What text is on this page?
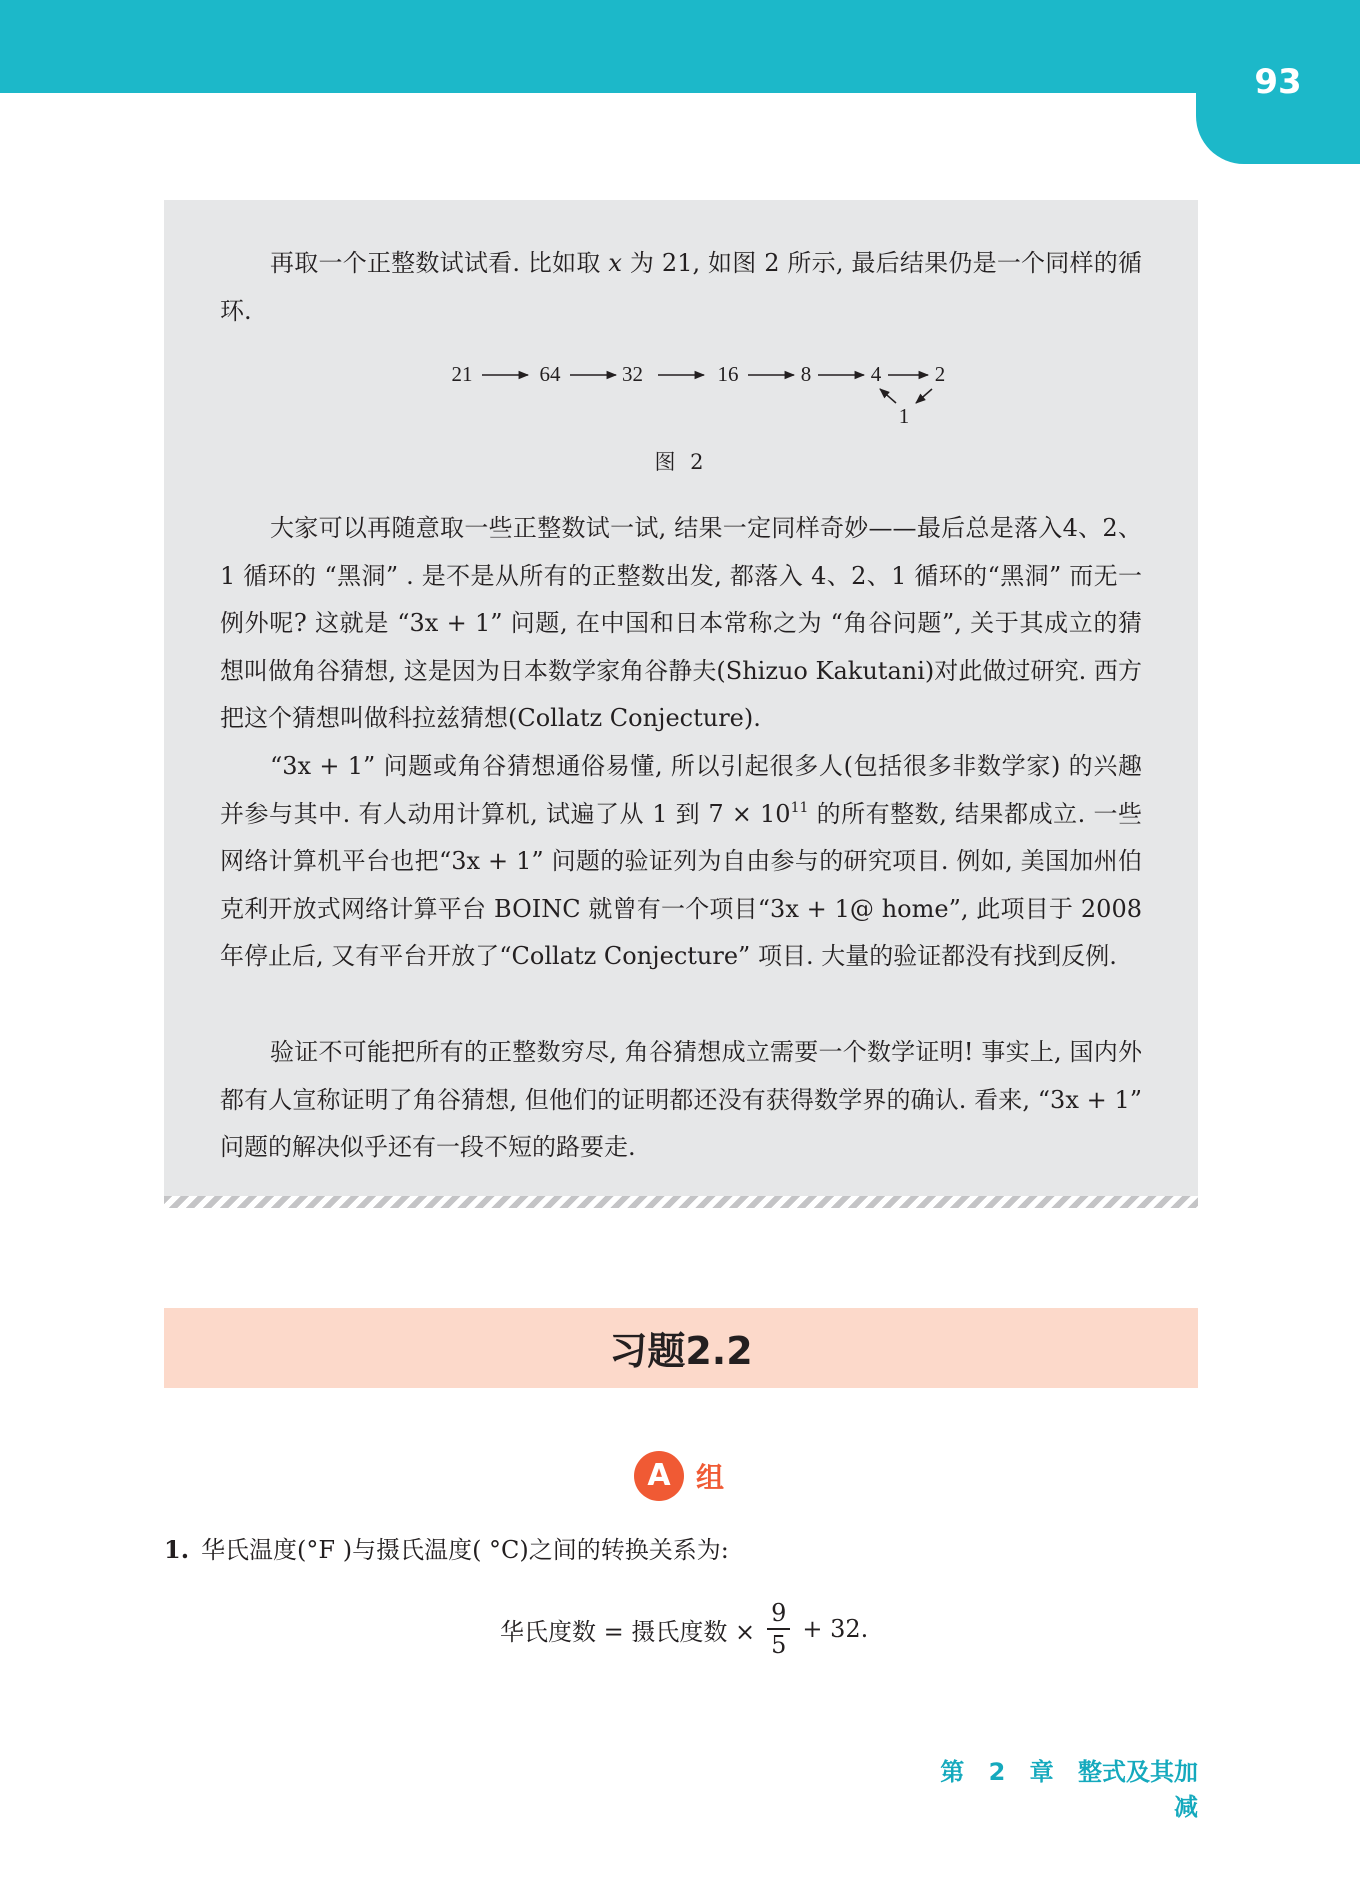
93

再取一个正整数试试看. 比如取 x 为 21, 如图 2 所示, 最后结果仍是一个同样的循环.

21	64	32	16	8	4	2
1
图 2

大家可以再随意取一些正整数试一试, 结果一定同样奇妙——最后总是落入4、2、1 循环的 “黑洞” . 是不是从所有的正整数出发, 都落入 4、2、1 循环的“黑洞” 而无一例外呢? 这就是 “3x + 1” 问题, 在中国和日本常称之为 “角谷问题”, 关于其成立的猜想叫做角谷猜想, 这是因为日本数学家角谷静夫(Shizuo Kakutani)对此做过研究. 西方把这个猜想叫做科拉兹猜想(Collatz Conjecture).

“3x + 1” 问题或角谷猜想通俗易懂, 所以引起很多人(包括很多非数学家) 的兴趣并参与其中. 有人动用计算机, 试遍了从 1 到 $7 \times 10^{11}$ 的所有整数, 结果都成立. 一些网络计算机平台也把“3x + 1” 问题的验证列为自由参与的研究项目. 例如, 美国加州伯克利开放式网络计算平台 BOINC 就曾有一个项目“3x + 1@ home”, 此项目于 2008 年停止后, 又有平台开放了“Collatz Conjecture” 项目. 大量的验证都没有找到反例.

验证不可能把所有的正整数穷尽, 角谷猜想成立需要一个数学证明! 事实上, 国内外都有人宣称证明了角谷猜想, 但他们的证明都还没有获得数学界的确认. 看来, “3x + 1” 问题的解决似乎还有一段不短的路要走.

习题2.2
A 组
1. 华氏温度(°F )与摄氏温度( °C)之间的转换关系为:
华氏度数 = 摄氏度数 × $\frac{9}{5} + 32$.
第 2 章 整式及其加减
